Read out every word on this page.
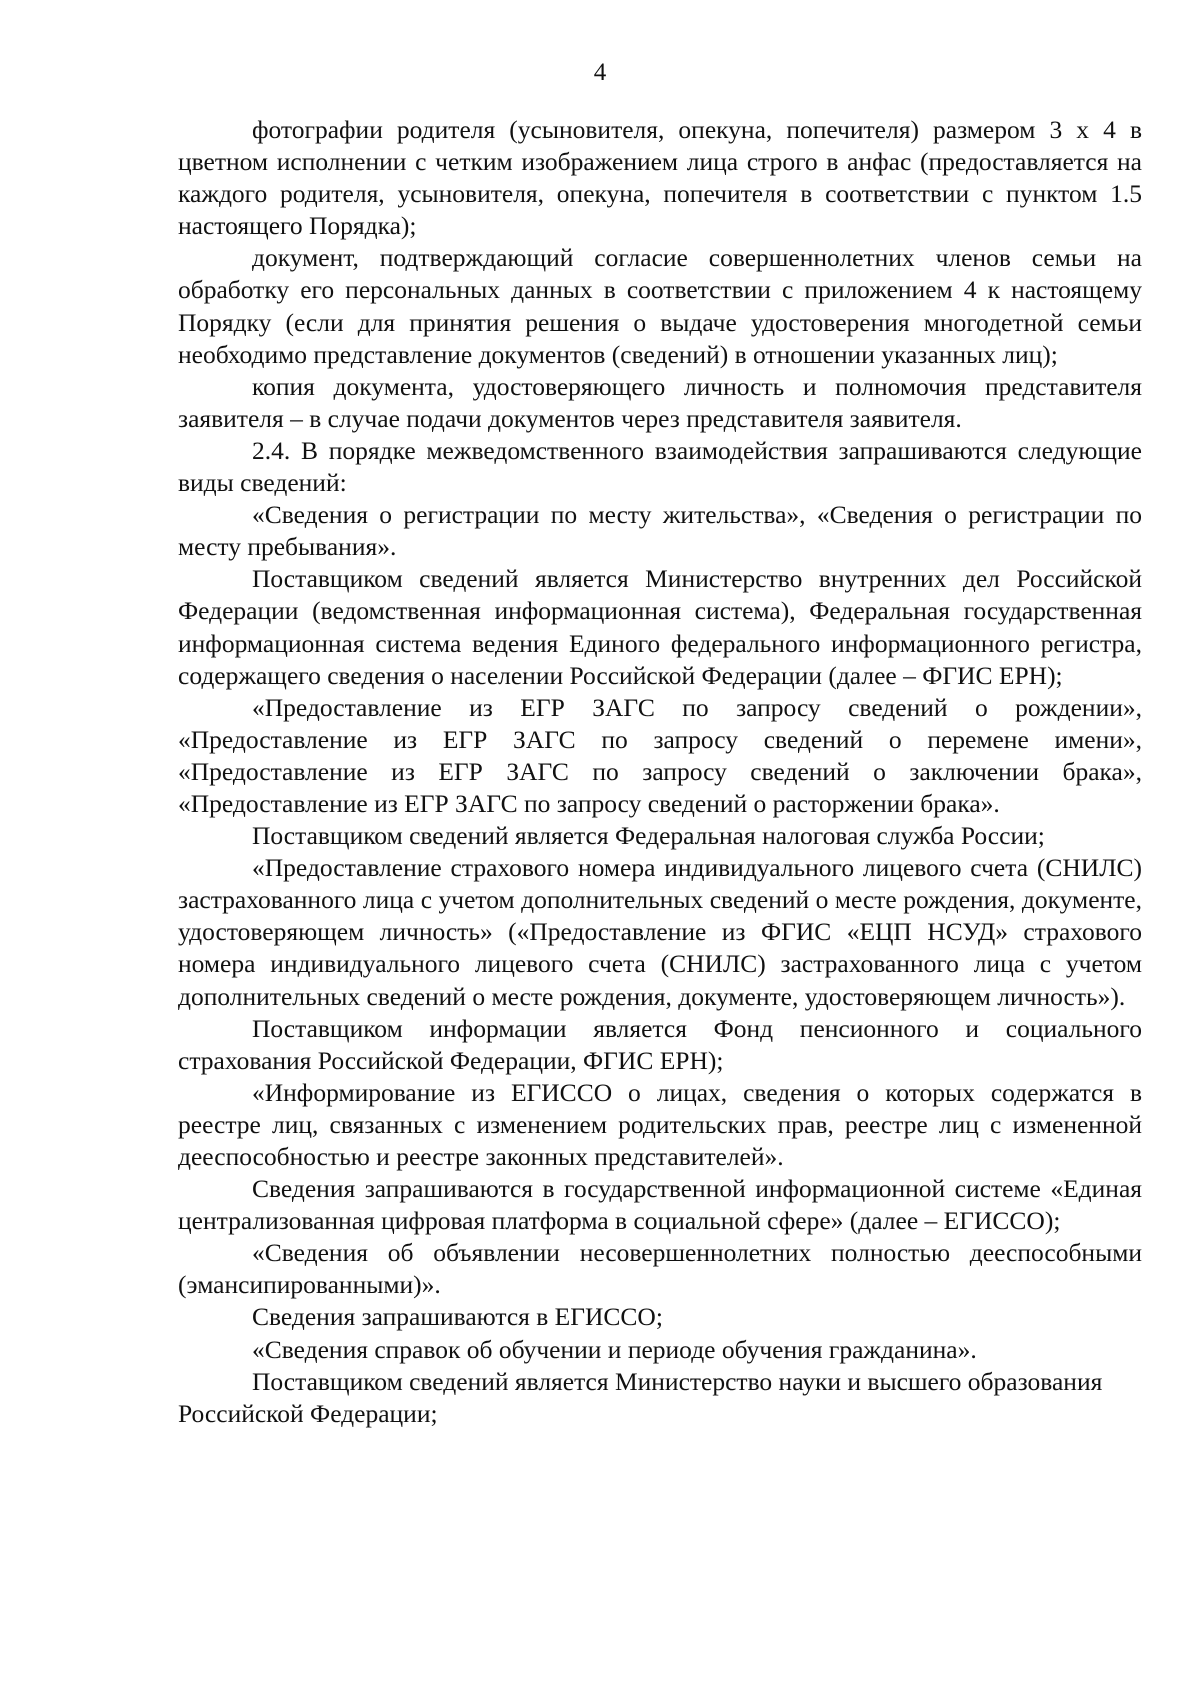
4

фотографии родителя (усыновителя, опекуна, попечителя) размером 3 х 4 в цветном исполнении с четким изображением лица строго в анфас (предоставляется на каждого родителя, усыновителя, опекуна, попечителя в соответствии с пунктом 1.5 настоящего Порядка);

документ, подтверждающий согласие совершеннолетних членов семьи на обработку его персональных данных в соответствии с приложением 4 к настоящему Порядку (если для принятия решения о выдаче удостоверения многодетной семьи необходимо представление документов (сведений) в отношении указанных лиц);

копия документа, удостоверяющего личность и полномочия представителя заявителя – в случае подачи документов через представителя заявителя.

2.4. В порядке межведомственного взаимодействия запрашиваются следующие виды сведений:

«Сведения о регистрации по месту жительства», «Сведения о регистрации по месту пребывания».

Поставщиком сведений является Министерство внутренних дел Российской Федерации (ведомственная информационная система), Федеральная государственная информационная система ведения Единого федерального информационного регистра, содержащего сведения о населении Российской Федерации (далее – ФГИС ЕРН);

«Предоставление из ЕГР ЗАГС по запросу сведений о рождении», «Предоставление из ЕГР ЗАГС по запросу сведений о перемене имени», «Предоставление из ЕГР ЗАГС по запросу сведений о заключении брака», «Предоставление из ЕГР ЗАГС по запросу сведений о расторжении брака».

Поставщиком сведений является Федеральная налоговая служба России;

«Предоставление страхового номера индивидуального лицевого счета (СНИЛС) застрахованного лица с учетом дополнительных сведений о месте рождения, документе, удостоверяющем личность» («Предоставление из ФГИС «ЕЦП НСУД» страхового номера индивидуального лицевого счета (СНИЛС) застрахованного лица с учетом дополнительных сведений о месте рождения, документе, удостоверяющем личность»).

Поставщиком информации является Фонд пенсионного и социального страхования Российской Федерации, ФГИС ЕРН);

«Информирование из ЕГИССО о лицах, сведения о которых содержатся в реестре лиц, связанных с изменением родительских прав, реестре лиц с измененной дееспособностью и реестре законных представителей».

Сведения запрашиваются в государственной информационной системе «Единая централизованная цифровая платформа в социальной сфере» (далее – ЕГИССО);

«Сведения об объявлении несовершеннолетних полностью дееспособными (эмансипированными)».

Сведения запрашиваются в ЕГИССО;

«Сведения справок об обучении и периоде обучения гражданина».

Поставщиком сведений является Министерство науки и высшего образования Российской Федерации;
